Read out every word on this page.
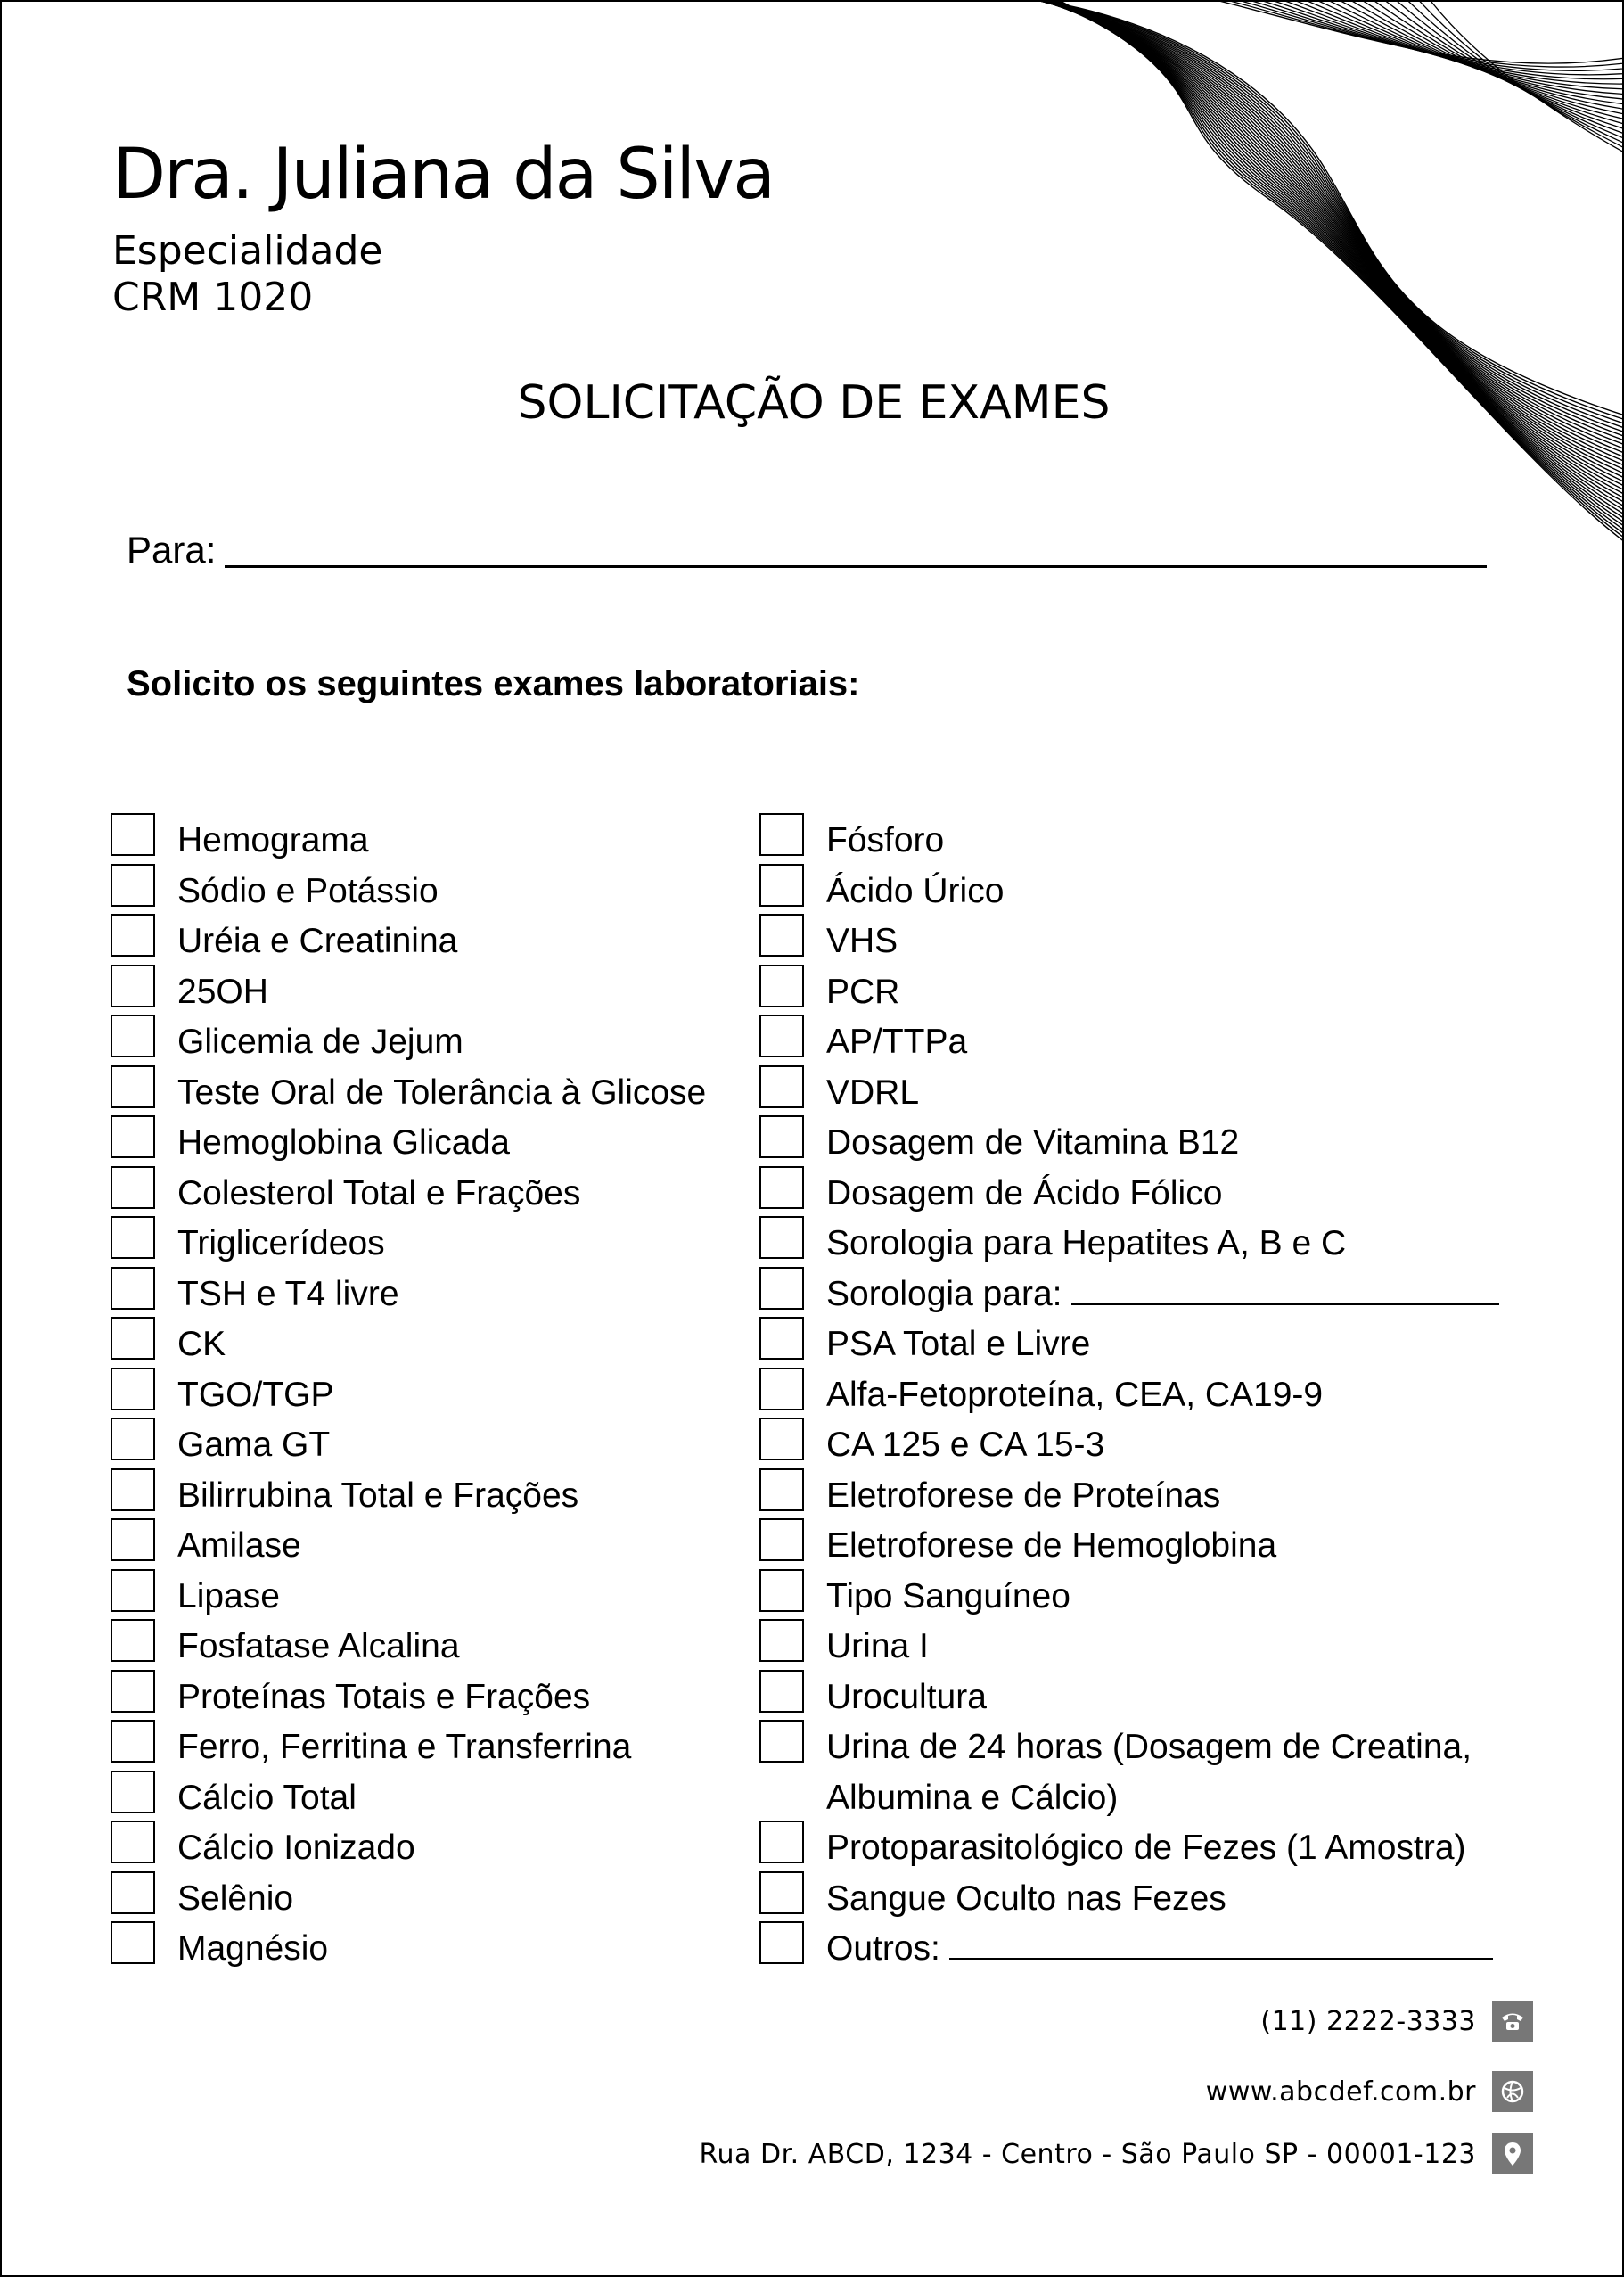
Dra. Juliana da Silva
Especialidade
CRM 1020
SOLICITAÇÃO DE EXAMES
Para:
Solicito os seguintes exames laboratoriais:
Hemograma
Sódio e Potássio
Uréia e Creatinina
25OH
Glicemia de Jejum
Teste Oral de Tolerância à Glicose
Hemoglobina Glicada
Colesterol Total e Frações
Triglicerídeos
TSH e T4 livre
CK
TGO/TGP
Gama GT
Bilirrubina Total e Frações
Amilase
Lipase
Fosfatase Alcalina
Proteínas Totais e Frações
Ferro, Ferritina e Transferrina
Cálcio Total
Cálcio Ionizado
Selênio
Magnésio
Fósforo
Ácido Úrico
VHS
PCR
AP/TTPa
VDRL
Dosagem de Vitamina B12
Dosagem de Ácido Fólico
Sorologia para Hepatites A, B e C
Sorologia para:
PSA Total e Livre
Alfa-Fetoproteína, CEA, CA19-9
CA 125 e CA 15-3
Eletroforese de Proteínas
Eletroforese de Hemoglobina
Tipo Sanguíneo
Urina I
Urocultura
Urina de 24 horas (Dosagem de Creatina,
Albumina e Cálcio)
Protoparasitológico de Fezes (1 Amostra)
Sangue Oculto nas Fezes
Outros:
(11) 2222-3333
www.abcdef.com.br
Rua Dr. ABCD, 1234 - Centro - São Paulo SP - 00001-123
